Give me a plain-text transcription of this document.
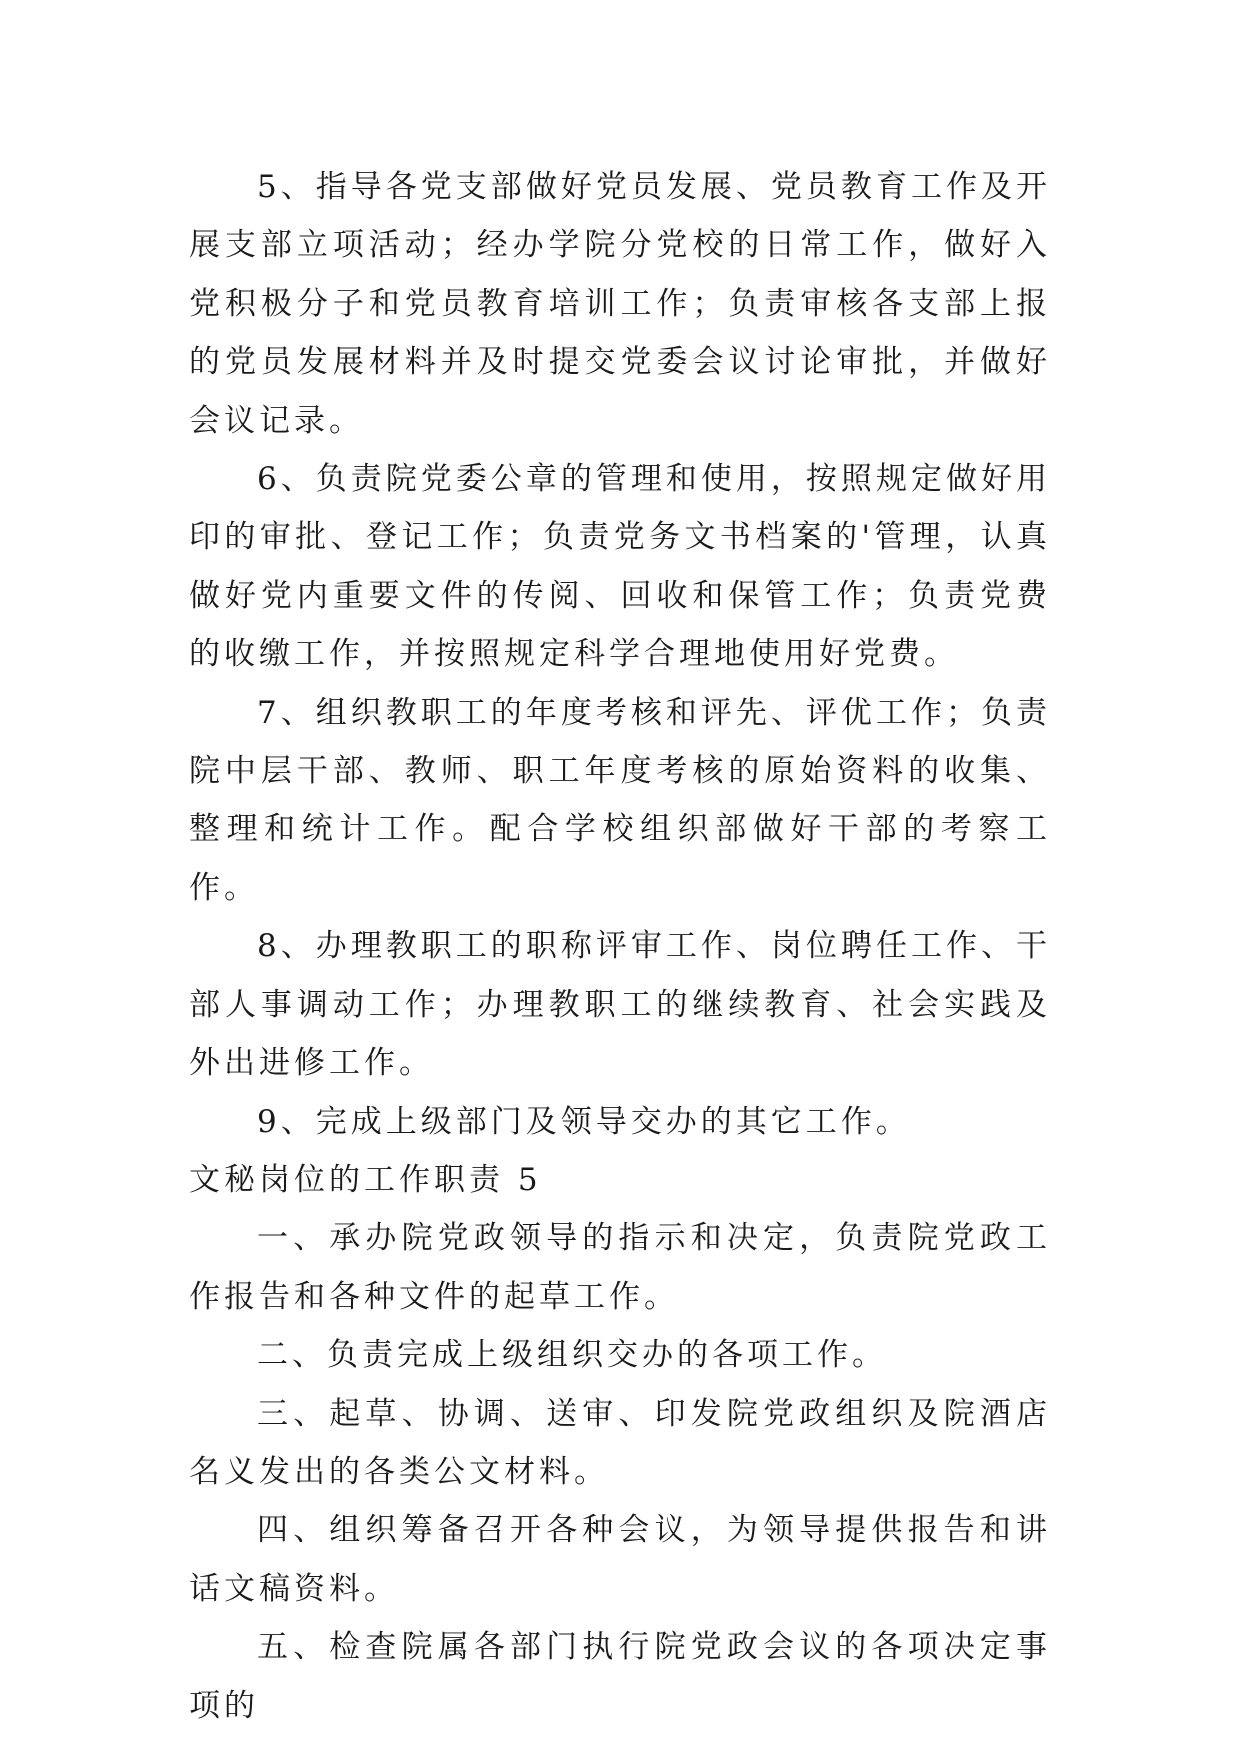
5、指导各党支部做好党员发展、党员教育工作及开展支部立项活动；经办学院分党校的日常工作，做好入党积极分子和党员教育培训工作；负责审核各支部上报的党员发展材料并及时提交党委会议讨论审批，并做好会议记录。

6、负责院党委公章的管理和使用，按照规定做好用印的审批、登记工作；负责党务文书档案的'管理，认真做好党内重要文件的传阅、回收和保管工作；负责党费的收缴工作，并按照规定科学合理地使用好党费。

7、组织教职工的年度考核和评先、评优工作；负责院中层干部、教师、职工年度考核的原始资料的收集、整理和统计工作。配合学校组织部做好干部的考察工作。

8、办理教职工的职称评审工作、岗位聘任工作、干部人事调动工作；办理教职工的继续教育、社会实践及外出进修工作。

9、完成上级部门及领导交办的其它工作。

文秘岗位的工作职责 5

一、承办院党政领导的指示和决定，负责院党政工作报告和各种文件的起草工作。

二、负责完成上级组织交办的各项工作。

三、起草、协调、送审、印发院党政组织及院酒店名义发出的各类公文材料。

四、组织筹备召开各种会议，为领导提供报告和讲话文稿资料。

五、检查院属各部门执行院党政会议的各项决定事项的
